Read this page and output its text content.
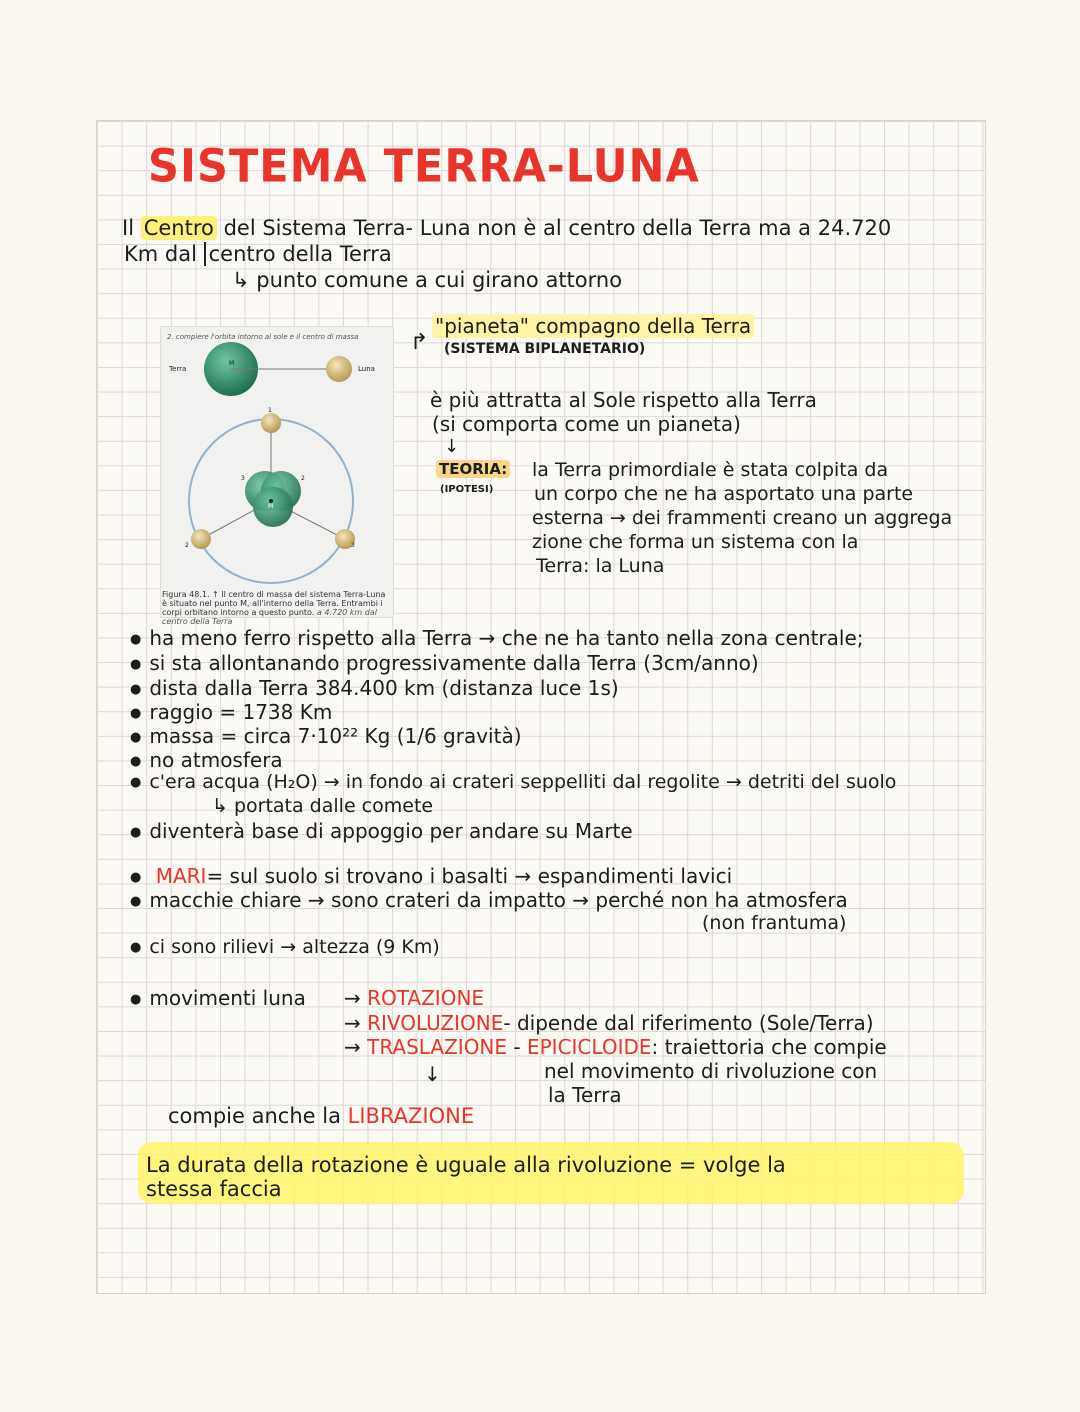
SISTEMA TERRA-LUNA
Il Centro del Sistema Terra- Luna non è al centro della Terra ma a 24.720
Km dal centro della Terra
↳ punto comune a cui girano attorno
2. compiere l'orbita intorno al sole e il centro di massa
Terra	Luna
M
M
1
3	2
2	3
Figura 48.1. ↑ Il centro di massa del sistema Terra-Luna è situato nel punto M, all'interno della Terra. Entrambi i corpi orbitano intorno a questo punto. a 4.720 km dal centro della Terra
"pianeta" compagno della Terra
↱ (SISTEMA BIPLANETARIO)
è più attratta al Sole rispetto alla Terra
(si comporta come un pianeta)
↓
TEORIA:
(IPOTESI)
la Terra primordiale è stata colpita da
un corpo che ne ha asportato una parte
esterna → dei frammenti creano un aggrega
zione che forma un sistema con la
Terra: la Luna
● ha meno ferro rispetto alla Terra → che ne ha tanto nella zona centrale;
● si sta allontanando progressivamente dalla Terra (3cm/anno)
● dista dalla Terra 384.400 km (distanza luce 1s)
● raggio = 1738 Km
● massa = circa 7·10²² Kg (1/6 gravità)
● no atmosfera
● c'era acqua (H₂O) → in fondo ai crateri seppelliti dal regolite → detriti del suolo
↳ portata dalle comete
● diventerà base di appoggio per andare su Marte
● MARI= sul suolo si trovano i basalti → espandimenti lavici
● macchie chiare → sono crateri da impatto → perché non ha atmosfera
(non frantuma)
● ci sono rilievi → altezza (9 Km)
● movimenti luna → ROTAZIONE
→ RIVOLUZIONE- dipende dal riferimento (Sole/Terra)
→ TRASLAZIONE - EPICICLOIDE: traiettoria che compie
nel movimento di rivoluzione con
la Terra
↓
compie anche la LIBRAZIONE
La durata della rotazione è uguale alla rivoluzione = volge la
stessa faccia
